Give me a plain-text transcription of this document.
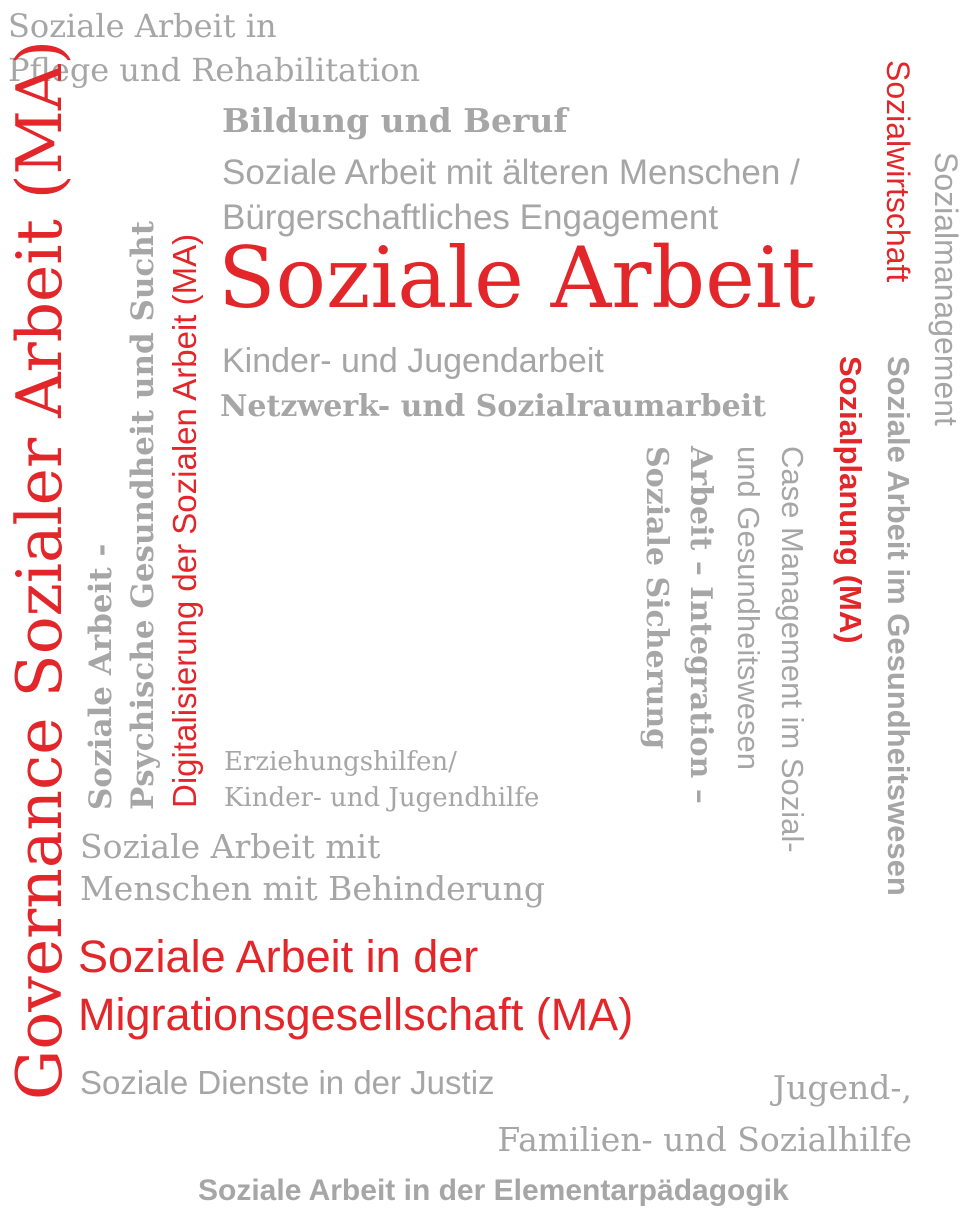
Soziale Arbeit in
Pflege und Rehabilitation
Bildung und Beruf
Soziale Arbeit mit älteren Menschen /
Bürgerschaftliches Engagement
Soziale Arbeit
Kinder- und Jugendarbeit
Netzwerk- und Sozialraumarbeit
Governance Sozialer Arbeit (MA) Soziale Arbeit - Psychische Gesundheit und Sucht Digitalisierung der Sozialen Arbeit (MA) Erziehungshilfen/
Kinder- und Jugendhilfe
Soziale Arbeit mit
Menschen mit Behinderung
Soziale Arbeit in der
Migrationsgesellschaft (MA)
Soziale Dienste in der Justiz	Jugend-,
Familien- und Sozialhilfe
Soziale Arbeit in der Elementarpädagogik
Sozialwirtschaft Sozialmanagement
Soziale Arbeit im Gesundheitswesen
Sozialplanung (MA)
Case Management im Sozial-
und Gesundheitswesen
Arbeit – Integration –
Soziale Sicherung
